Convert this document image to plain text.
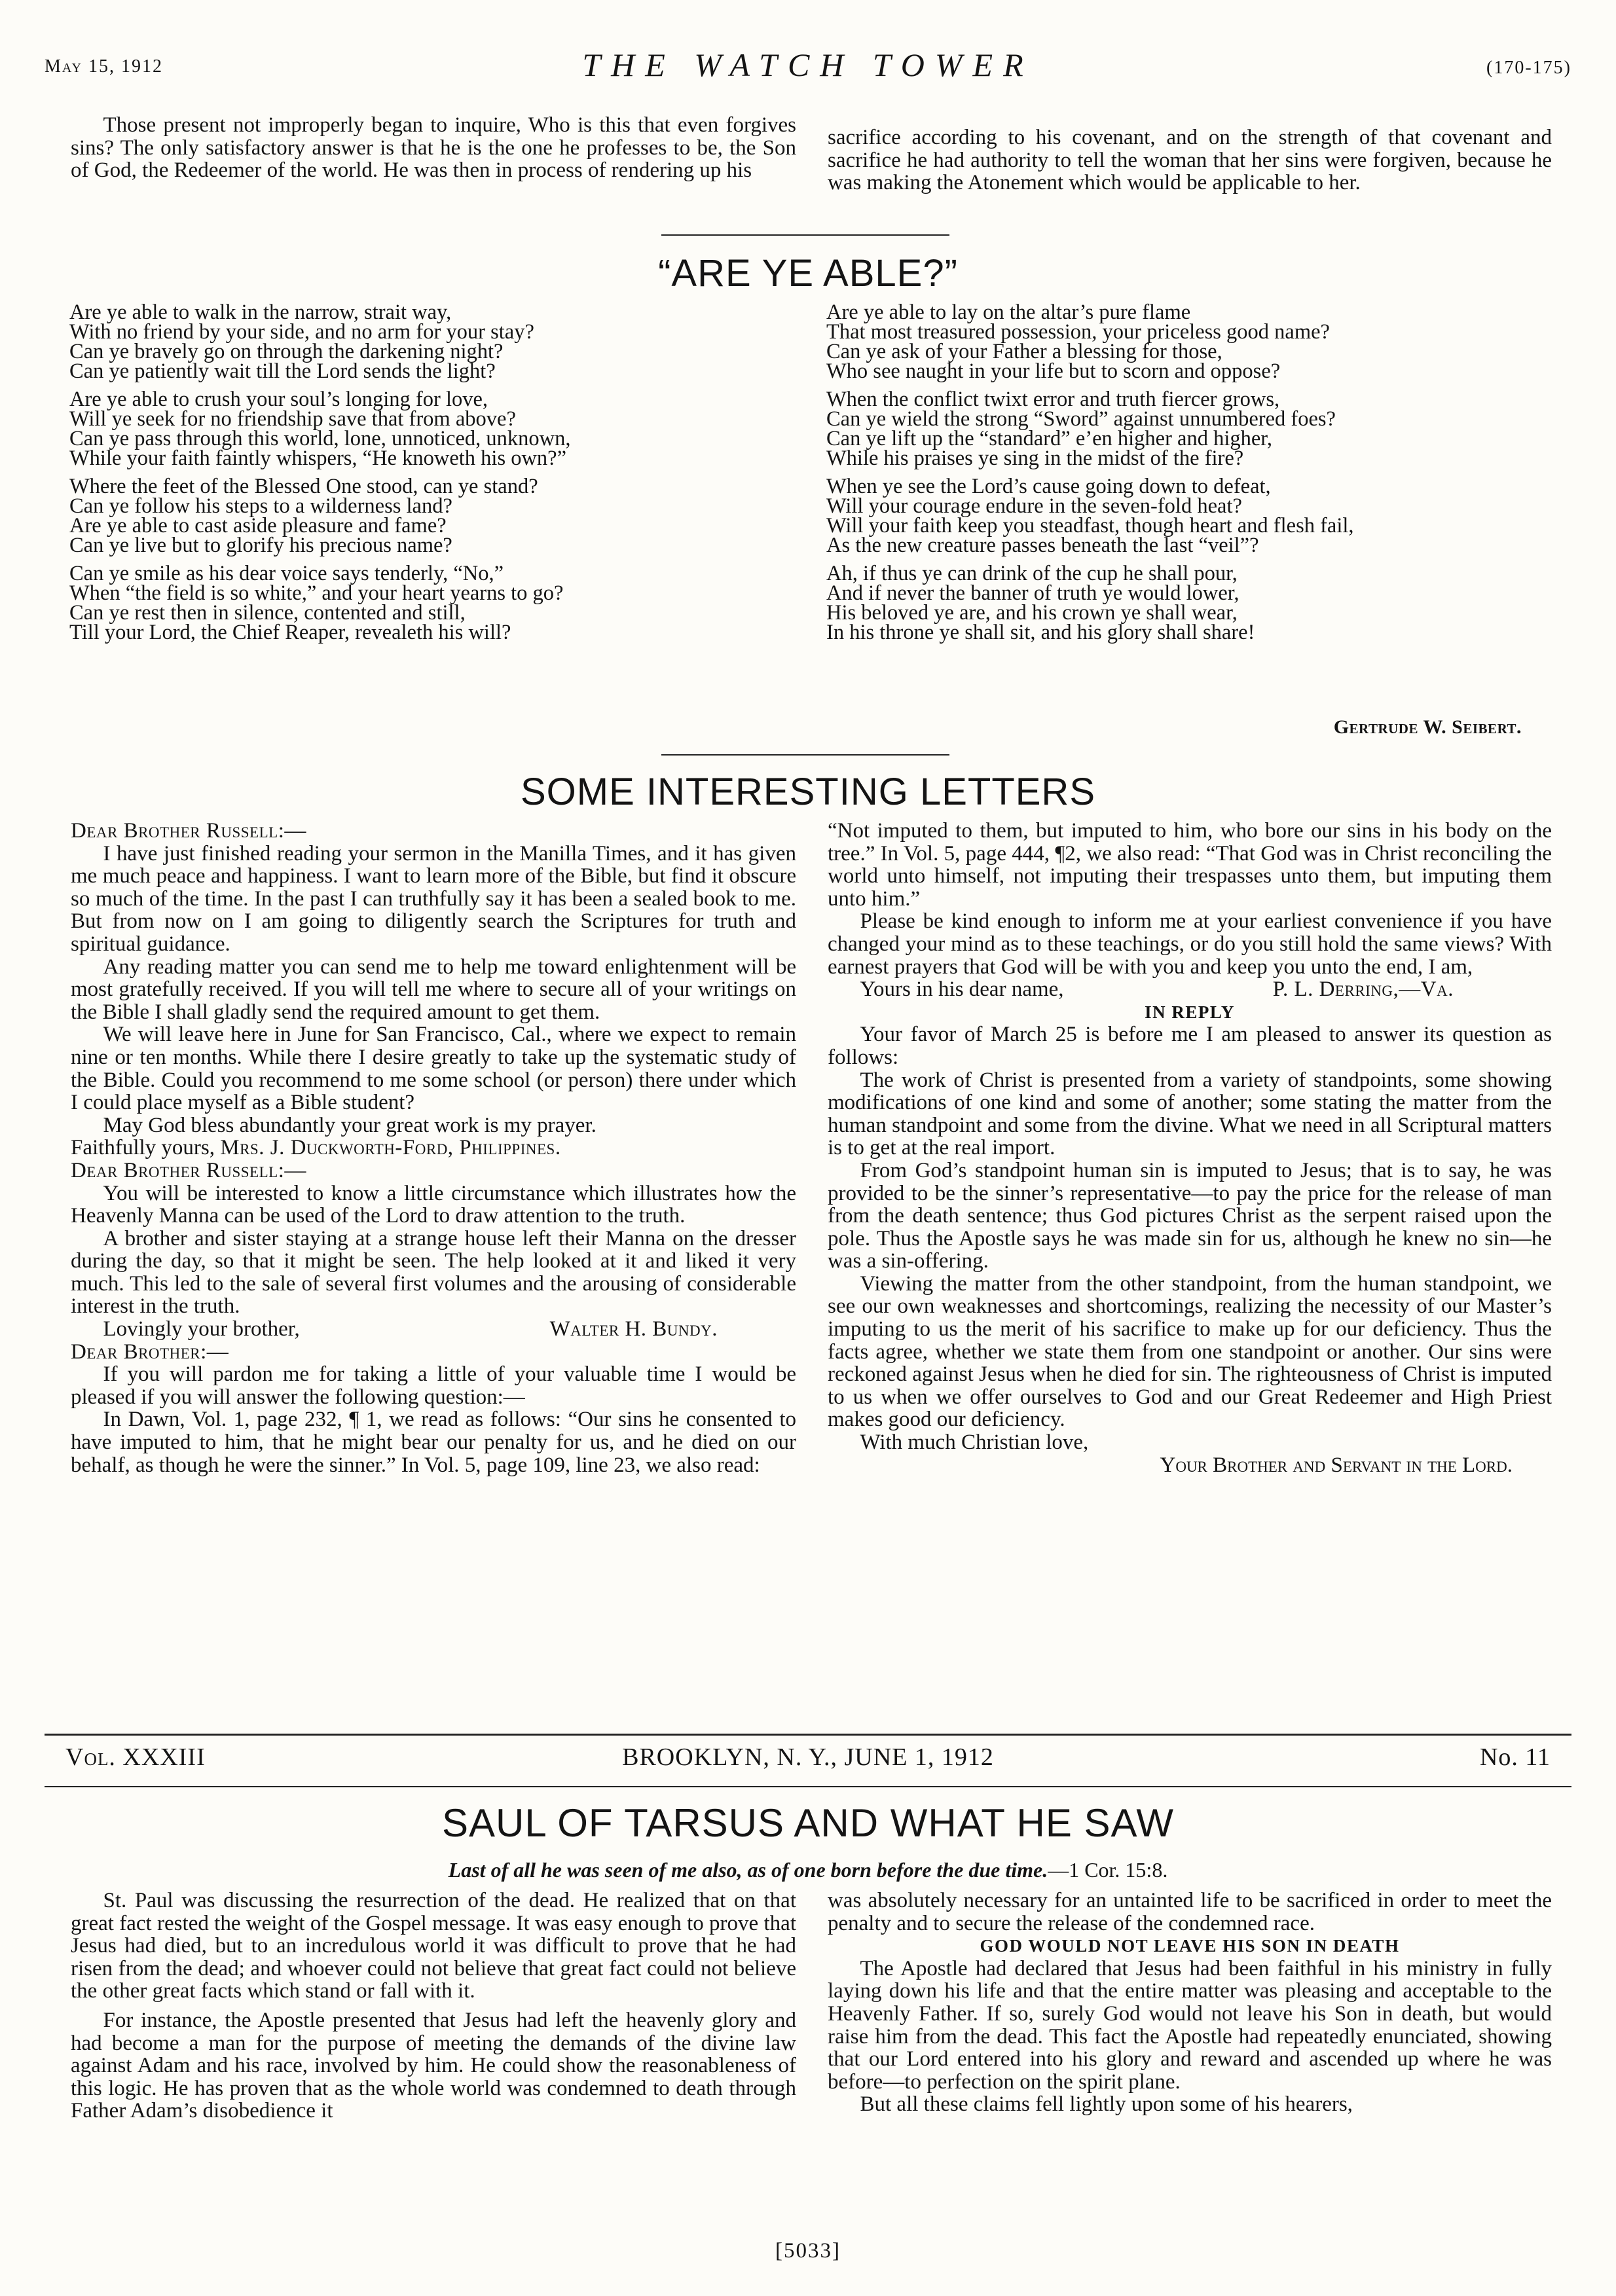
May 15, 1912	THE WATCH TOWER	(170-175)

Those present not improperly began to inquire, Who is this that even forgives sins? The only satisfactory answer is that he is the one he professes to be, the Son of God, the Redeemer of the world. He was then in process of rendering up his

sacrifice according to his covenant, and on the strength of that covenant and sacrifice he had authority to tell the woman that her sins were forgiven, because he was making the Atonement which would be applicable to her.

“ARE YE ABLE?”
Are ye able to walk in the narrow, strait way,
With no friend by your side, and no arm for your stay?
Can ye bravely go on through the darkening night?
Can ye patiently wait till the Lord sends the light?
Are ye able to crush your soul’s longing for love,
Will ye seek for no friendship save that from above?
Can ye pass through this world, lone, unnoticed, unknown,
While your faith faintly whispers, “He knoweth his own?”
Where the feet of the Blessed One stood, can ye stand?
Can ye follow his steps to a wilderness land?
Are ye able to cast aside pleasure and fame?
Can ye live but to glorify his precious name?
Can ye smile as his dear voice says tenderly, “No,”
When “the field is so white,” and your heart yearns to go?
Can ye rest then in silence, contented and still,
Till your Lord, the Chief Reaper, revealeth his will?
Are ye able to lay on the altar’s pure flame
That most treasured possession, your priceless good name?
Can ye ask of your Father a blessing for those,
Who see naught in your life but to scorn and oppose?
When the conflict twixt error and truth fiercer grows,
Can ye wield the strong “Sword” against unnumbered foes?
Can ye lift up the “standard” e’en higher and higher,
While his praises ye sing in the midst of the fire?
When ye see the Lord’s cause going down to defeat,
Will your courage endure in the seven-fold heat?
Will your faith keep you steadfast, though heart and flesh fail,
As the new creature passes beneath the last “veil”?
Ah, if thus ye can drink of the cup he shall pour,
And if never the banner of truth ye would lower,
His beloved ye are, and his crown ye shall wear,
In his throne ye shall sit, and his glory shall share!
Gertrude W. Seibert.
SOME INTERESTING LETTERS

Dear Brother Russell:—

I have just finished reading your sermon in the Manilla Times, and it has given me much peace and happiness. I want to learn more of the Bible, but find it obscure so much of the time. In the past I can truthfully say it has been a sealed book to me. But from now on I am going to diligently search the Scriptures for truth and spiritual guidance.

Any reading matter you can send me to help me toward enlightenment will be most gratefully received. If you will tell me where to secure all of your writings on the Bible I shall gladly send the required amount to get them.

We will leave here in June for San Francisco, Cal., where we expect to remain nine or ten months. While there I desire greatly to take up the systematic study of the Bible. Could you recommend to me some school (or person) there under which I could place myself as a Bible student?

May God bless abundantly your great work is my prayer.

Faithfully yours, Mrs. J. Duckworth-Ford, Philippines.

Dear Brother Russell:—

You will be interested to know a little circumstance which illustrates how the Heavenly Manna can be used of the Lord to draw attention to the truth.

A brother and sister staying at a strange house left their Manna on the dresser during the day, so that it might be seen. The help looked at it and liked it very much. This led to the sale of several first volumes and the arousing of considerable interest in the truth.

Lovingly your brother,	Walter H. Bundy.

Dear Brother:—

If you will pardon me for taking a little of your valuable time I would be pleased if you will answer the following question:—

In Dawn, Vol. 1, page 232, ¶ 1, we read as follows: “Our sins he consented to have imputed to him, that he might bear our penalty for us, and he died on our behalf, as though he were the sinner.” In Vol. 5, page 109, line 23, we also read:

“Not imputed to them, but imputed to him, who bore our sins in his body on the tree.” In Vol. 5, page 444, ¶2, we also read: “That God was in Christ reconciling the world unto himself, not imputing their trespasses unto them, but imputing them unto him.”

Please be kind enough to inform me at your earliest convenience if you have changed your mind as to these teachings, or do you still hold the same views? With earnest prayers that God will be with you and keep you unto the end, I am,

Yours in his dear name,	P. L. Derring,—Va.

IN REPLY

Your favor of March 25 is before me I am pleased to answer its question as follows:

The work of Christ is presented from a variety of standpoints, some showing modifications of one kind and some of another; some stating the matter from the human standpoint and some from the divine. What we need in all Scriptural matters is to get at the real import.

From God’s standpoint human sin is imputed to Jesus; that is to say, he was provided to be the sinner’s representative—to pay the price for the release of man from the death sentence; thus God pictures Christ as the serpent raised upon the pole. Thus the Apostle says he was made sin for us, although he knew no sin—he was a sin-offering.

Viewing the matter from the other standpoint, from the human standpoint, we see our own weaknesses and shortcomings, realizing the necessity of our Master’s imputing to us the merit of his sacrifice to make up for our deficiency. Thus the facts agree, whether we state them from one standpoint or another. Our sins were reckoned against Jesus when he died for sin. The righteousness of Christ is imputed to us when we offer ourselves to God and our Great Redeemer and High Priest makes good our deficiency.

With much Christian love,

Your Brother and Servant in the Lord.

Vol. XXXIII	BROOKLYN, N. Y., JUNE 1, 1912	No. 11
SAUL OF TARSUS AND WHAT HE SAW
Last of all he was seen of me also, as of one born before the due time.—1 Cor. 15:8.

St. Paul was discussing the resurrection of the dead. He realized that on that great fact rested the weight of the Gospel message. It was easy enough to prove that Jesus had died, but to an incredulous world it was difficult to prove that he had risen from the dead; and whoever could not believe that great fact could not believe the other great facts which stand or fall with it.

For instance, the Apostle presented that Jesus had left the heavenly glory and had become a man for the purpose of meeting the demands of the divine law against Adam and his race, involved by him. He could show the reasonableness of this logic. He has proven that as the whole world was condemned to death through Father Adam’s disobedience it

was absolutely necessary for an untainted life to be sacrificed in order to meet the penalty and to secure the release of the condemned race.

GOD WOULD NOT LEAVE HIS SON IN DEATH

The Apostle had declared that Jesus had been faithful in his ministry in fully laying down his life and that the entire matter was pleasing and acceptable to the Heavenly Father. If so, surely God would not leave his Son in death, but would raise him from the dead. This fact the Apostle had repeatedly enunciated, showing that our Lord entered into his glory and reward and ascended up where he was before—to perfection on the spirit plane.

But all these claims fell lightly upon some of his hearers,

[5033]
